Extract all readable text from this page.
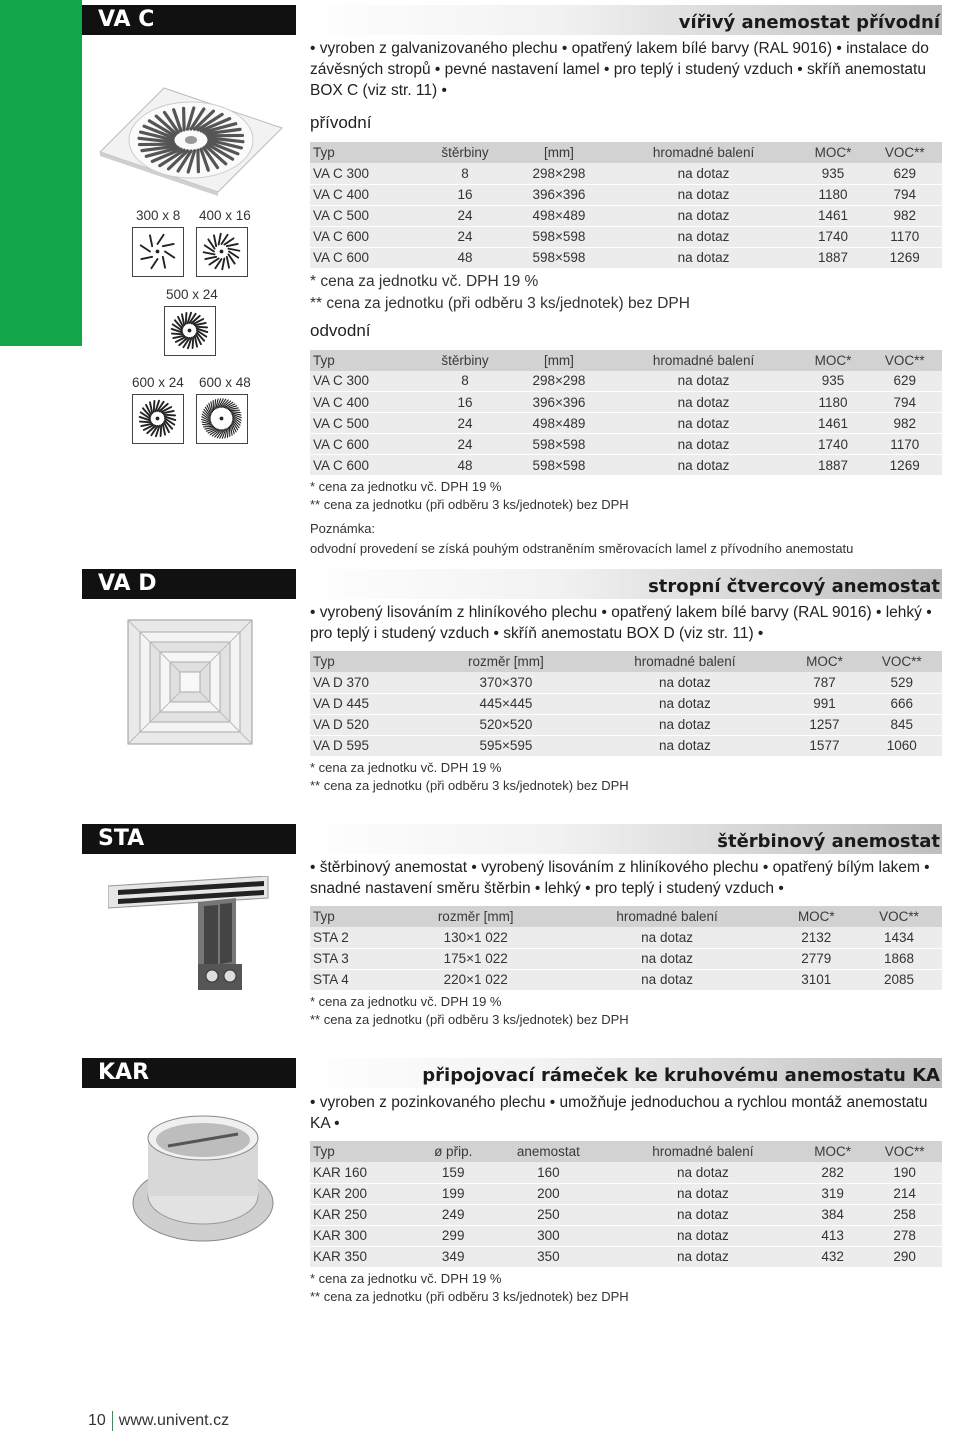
VA C	vířivý anemostat přívodní
300 x 8 400 x 16
500 x 24
600 x 24 600 x 48

• vyroben z galvanizovaného plechu • opatřený lakem bílé barvy (RAL 9016) • instalace do závěsných stropů • pevné nastavení lamel • pro teplý i studený vzduch • skříň anemostatu BOX C (viz str. 11) •

přívodní
Typ	štěrbiny	[mm]	hromadné balení	MOC*	VOC**
VA C 300	8	298×298	na dotaz	935	629
VA C 400	16	396×396	na dotaz	1180	794
VA C 500	24	498×489	na dotaz	1461	982
VA C 600	24	598×598	na dotaz	1740	1170
VA C 600	48	598×598	na dotaz	1887	1269
* cena za jednotku vč. DPH 19 %
** cena za jednotku (při odběru 3 ks/jednotek) bez DPH
odvodní
Typ	štěrbiny	[mm]	hromadné balení	MOC*	VOC**
VA C 300	8	298×298	na dotaz	935	629
VA C 400	16	396×396	na dotaz	1180	794
VA C 500	24	498×489	na dotaz	1461	982
VA C 600	24	598×598	na dotaz	1740	1170
VA C 600	48	598×598	na dotaz	1887	1269
* cena za jednotku vč. DPH 19 %
** cena za jednotku (při odběru 3 ks/jednotek) bez DPH
Poznámka:
odvodní provedení se získá pouhým odstraněním směrovacích lamel z přívodního anemostatu
VA D	stropní čtvercový anemostat

• vyrobený lisováním z hliníkového plechu • opatřený lakem bílé barvy (RAL 9016) • lehký • pro teplý i studený vzduch • skříň anemostatu BOX D (viz str. 11) •

Typ	rozměr [mm]	hromadné balení	MOC*	VOC**
VA D 370	370×370	na dotaz	787	529
VA D 445	445×445	na dotaz	991	666
VA D 520	520×520	na dotaz	1257	845
VA D 595	595×595	na dotaz	1577	1060
* cena za jednotku vč. DPH 19 %
** cena za jednotku (při odběru 3 ks/jednotek) bez DPH
STA	štěrbinový anemostat

• štěrbinový anemostat • vyrobený lisováním z hliníkového plechu • opatřený bílým lakem • snadné nastavení směru štěrbin • lehký • pro teplý i studený vzduch •

Typ	rozměr [mm]	hromadné balení	MOC*	VOC**
STA 2	130×1 022	na dotaz	2132	1434
STA 3	175×1 022	na dotaz	2779	1868
STA 4	220×1 022	na dotaz	3101	2085
* cena za jednotku vč. DPH 19 %
** cena za jednotku (při odběru 3 ks/jednotek) bez DPH
KAR	připojovací rámeček ke kruhovému anemostatu KA

• vyroben z pozinkovaného plechu • umožňuje jednoduchou a rychlou montáž anemostatu KA •

Typ	ø přip.	anemostat	hromadné balení	MOC*	VOC**
KAR 160	159	160	na dotaz	282	190
KAR 200	199	200	na dotaz	319	214
KAR 250	249	250	na dotaz	384	258
KAR 300	299	300	na dotaz	413	278
KAR 350	349	350	na dotaz	432	290
* cena za jednotku vč. DPH 19 %
** cena za jednotku (při odběru 3 ks/jednotek) bez DPH
10 www.univent.cz
